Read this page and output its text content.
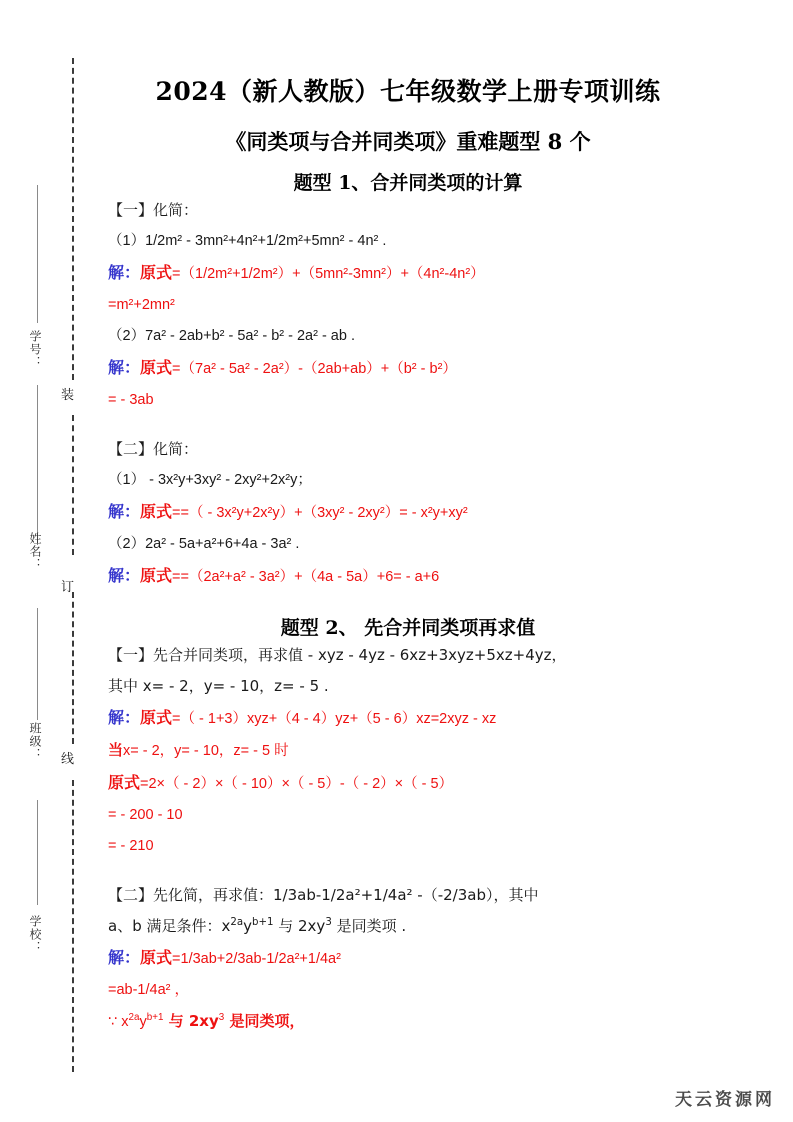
学号：
姓名：
班级：
学校：
装
订
线
2024（新人教版）七年级数学上册专项训练
《同类项与合并同类项》重难题型 8 个
题型 1、合并同类项的计算
【一】化简：
（1）1/2m² - 3mn²+4n²+1/2m²+5mn² - 4n² .
解：原式=（1/2m²+1/2m²）+（5mn²-3mn²）+（4n²-4n²）
=m²+2mn²
（2）7a² - 2ab+b² - 5a² - b² - 2a² - ab .
解：原式=（7a² - 5a² - 2a²）-（2ab+ab）+（b² - b²）
= - 3ab
【二】化简：
（1） - 3x²y+3xy² - 2xy²+2x²y；
解：原式==（ - 3x²y+2x²y）+（3xy² - 2xy²）= - x²y+xy²
（2）2a² - 5a+a²+6+4a - 3a² .
解：原式==（2a²+a² - 3a²）+（4a - 5a）+6= - a+6
题型 2、 先合并同类项再求值
【一】先合并同类项，再求值 - xyz - 4yz - 6xz+3xyz+5xz+4yz，
其中 x= - 2，y= - 10，z= - 5 .
解：原式=（ - 1+3）xyz+（4 - 4）yz+（5 - 6）xz=2xyz - xz
当x= - 2，y= - 10，z= - 5 时
原式=2×（ - 2）×（ - 10）×（ - 5）-（ - 2）×（ - 5）
= - 200 - 10
= - 210
【二】先化简，再求值：1/3ab-1/2a²+1/4a² -（-2/3ab），其中
a、b 满足条件：$x^{2a}y^{b+1}$ 与 $2xy^3$ 是同类项 .
解：原式=1/3ab+2/3ab-1/2a²+1/4a²
=ab-1/4a² ，
∵ $x^{2a}y^{b+1}$ 与 $2xy^3$ 是同类项，
天云资源网
